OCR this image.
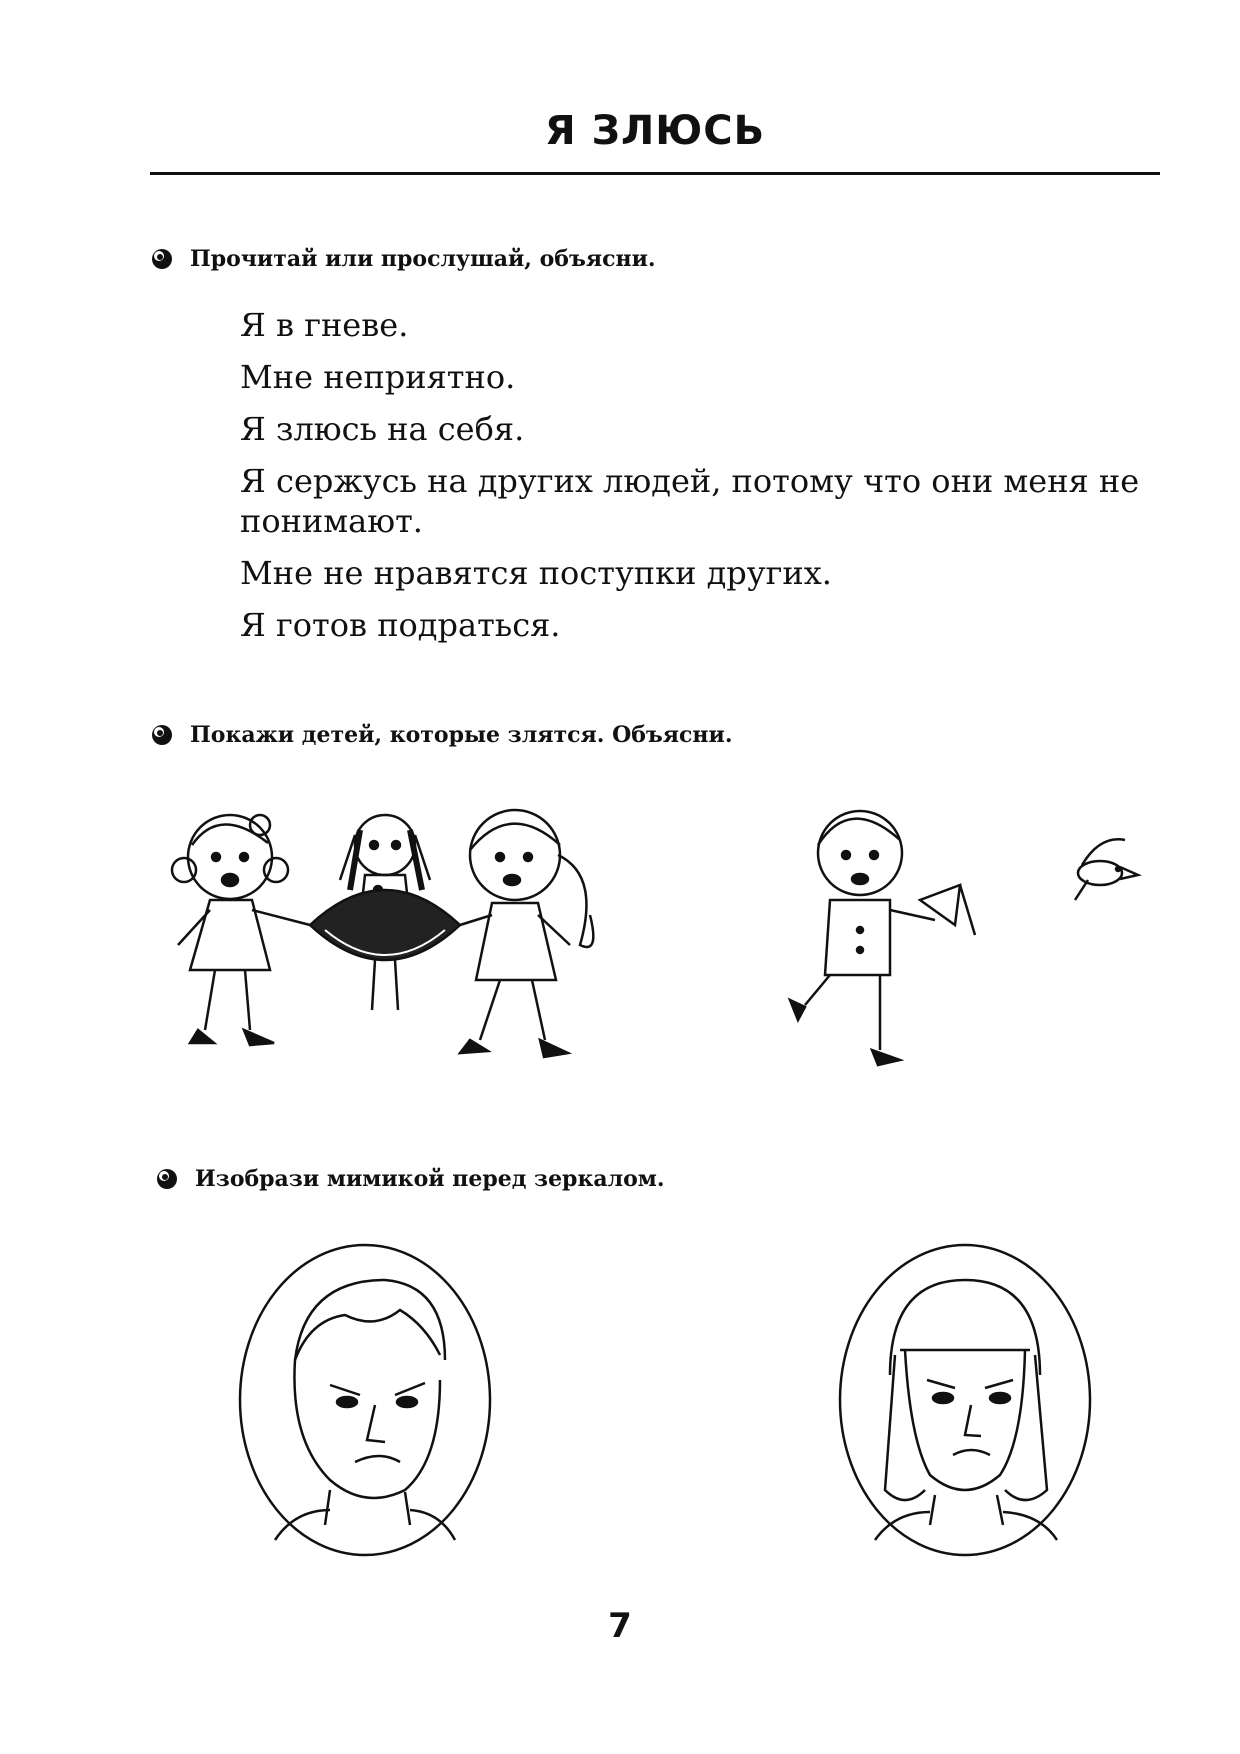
Я ЗЛЮСЬ
Прочитай или прослушай, объясни.

Я в гневе.

Мне неприятно.

Я злюсь на себя.

Я сержусь на других людей, потому что они меня не понимают.

Мне не нравятся поступки других.

Я готов подраться.

Покажи детей, которые злятся. Объясни.
Изобрази мимикой перед зеркалом.
7
